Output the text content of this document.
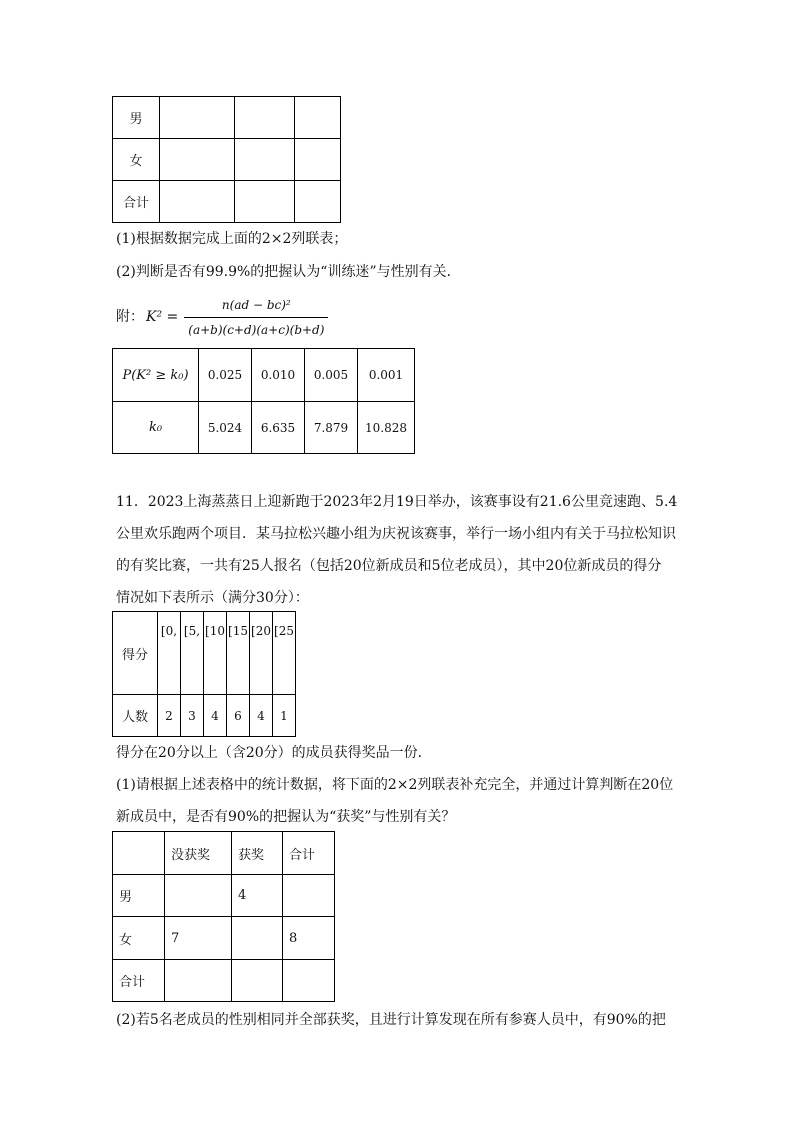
男			
女			
合计			
(1)根据数据完成上面的2×2列联表；
(2)判断是否有99.9%的把握认为“训练迷”与性别有关．
附： $K^2 = \frac{\text{n(ad − bc)²}}{(a+b)(c+d)(a+c)(b+d)}$
P(K² ≥ k₀)	0.025	0.010	0.005	0.001
k₀	5.024	6.635	7.879	10.828
11．2023上海蒸蒸日上迎新跑于2023年2月19日举办，该赛事设有21.6公里竞速跑、5.4
公里欢乐跑两个项目．某马拉松兴趣小组为庆祝该赛事，举行一场小组内有关于马拉松知识
的有奖比赛，一共有25人报名（包括20位新成员和5位老成员），其中20位新成员的得分
情况如下表所示（满分30分）：
得分	[0,	[5,	[10	[15	[20	[25
人数	2	3	4	6	4	1
得分在20分以上（含20分）的成员获得奖品一份．
(1)请根据上述表格中的统计数据，将下面的2×2列联表补充完全，并通过计算判断在20位
新成员中，是否有90%的把握认为“获奖”与性别有关？
	没获奖	获奖	合计
男		4	
女	7		8
合计			
(2)若5名老成员的性别相同并全部获奖，且进行计算发现在所有参赛人员中，有90%的把
